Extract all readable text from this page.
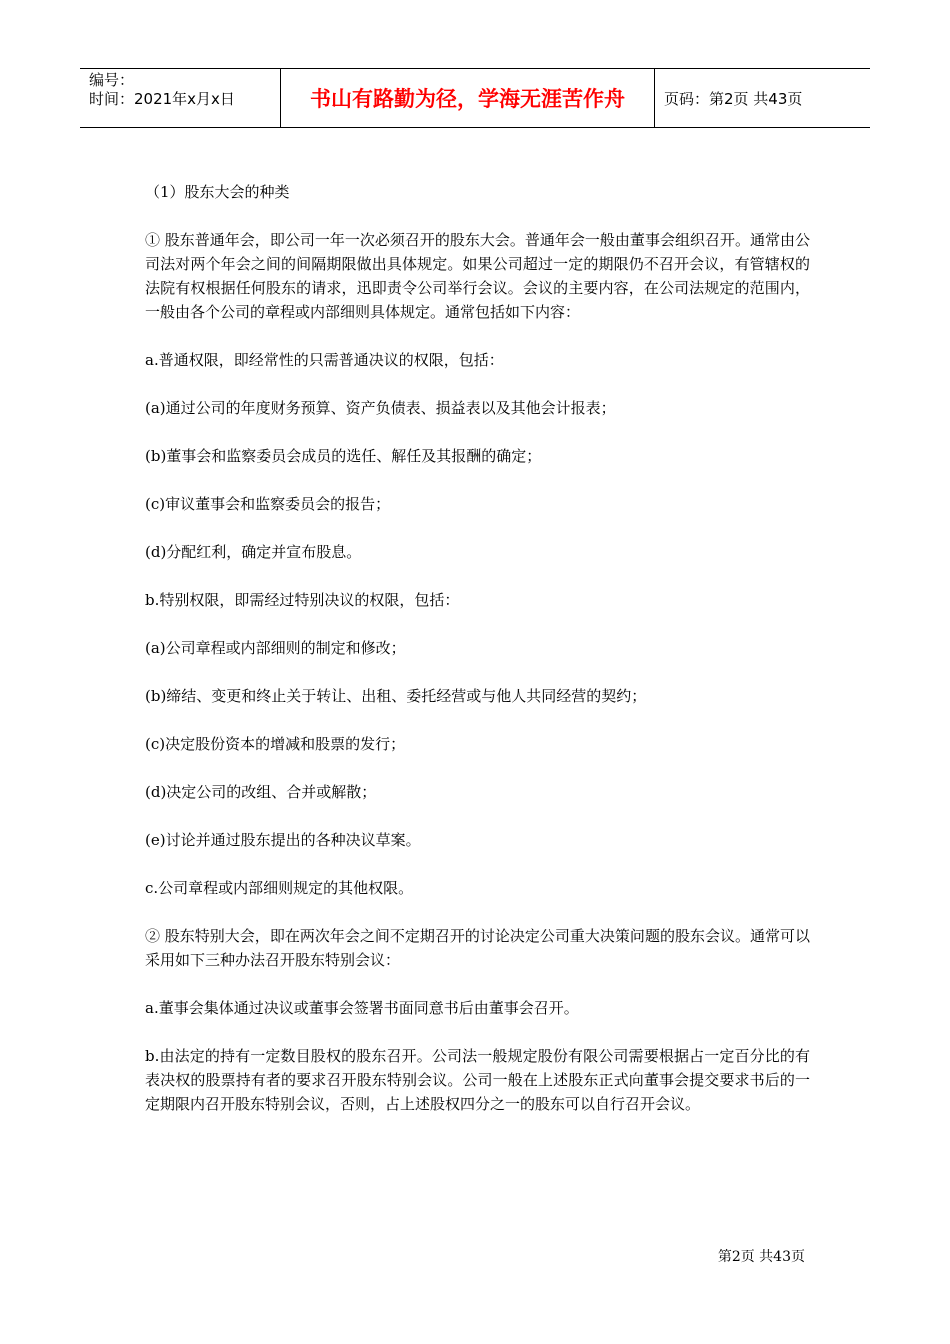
编号：
时间：2021年x月x日	书山有路勤为径，学海无涯苦作舟	页码：第2页 共43页

（1）股东大会的种类

① 股东普通年会，即公司一年一次必须召开的股东大会。普通年会一般由董事会组织召开。通常由公司法对两个年会之间的间隔期限做出具体规定。如果公司超过一定的期限仍不召开会议，有管辖权的法院有权根据任何股东的请求，迅即责令公司举行会议。会议的主要内容，在公司法规定的范围内，一般由各个公司的章程或内部细则具体规定。通常包括如下内容：

a.普通权限，即经常性的只需普通决议的权限，包括：

(a)通过公司的年度财务预算、资产负债表、损益表以及其他会计报表；

(b)董事会和监察委员会成员的选任、解任及其报酬的确定；

(c)审议董事会和监察委员会的报告；

(d)分配红利，确定并宣布股息。

b.特别权限，即需经过特别决议的权限，包括：

(a)公司章程或内部细则的制定和修改；

(b)缔结、变更和终止关于转让、出租、委托经营或与他人共同经营的契约；

(c)决定股份资本的增减和股票的发行；

(d)决定公司的改组、合并或解散；

(e)讨论并通过股东提出的各种决议草案。

c.公司章程或内部细则规定的其他权限。

② 股东特别大会，即在两次年会之间不定期召开的讨论决定公司重大决策问题的股东会议。通常可以采用如下三种办法召开股东特别会议：

a.董事会集体通过决议或董事会签署书面同意书后由董事会召开。

b.由法定的持有一定数目股权的股东召开。公司法一般规定股份有限公司需要根据占一定百分比的有表决权的股票持有者的要求召开股东特别会议。公司一般在上述股东正式向董事会提交要求书后的一定期限内召开股东特别会议，否则，占上述股权四分之一的股东可以自行召开会议。

第2页 共43页
